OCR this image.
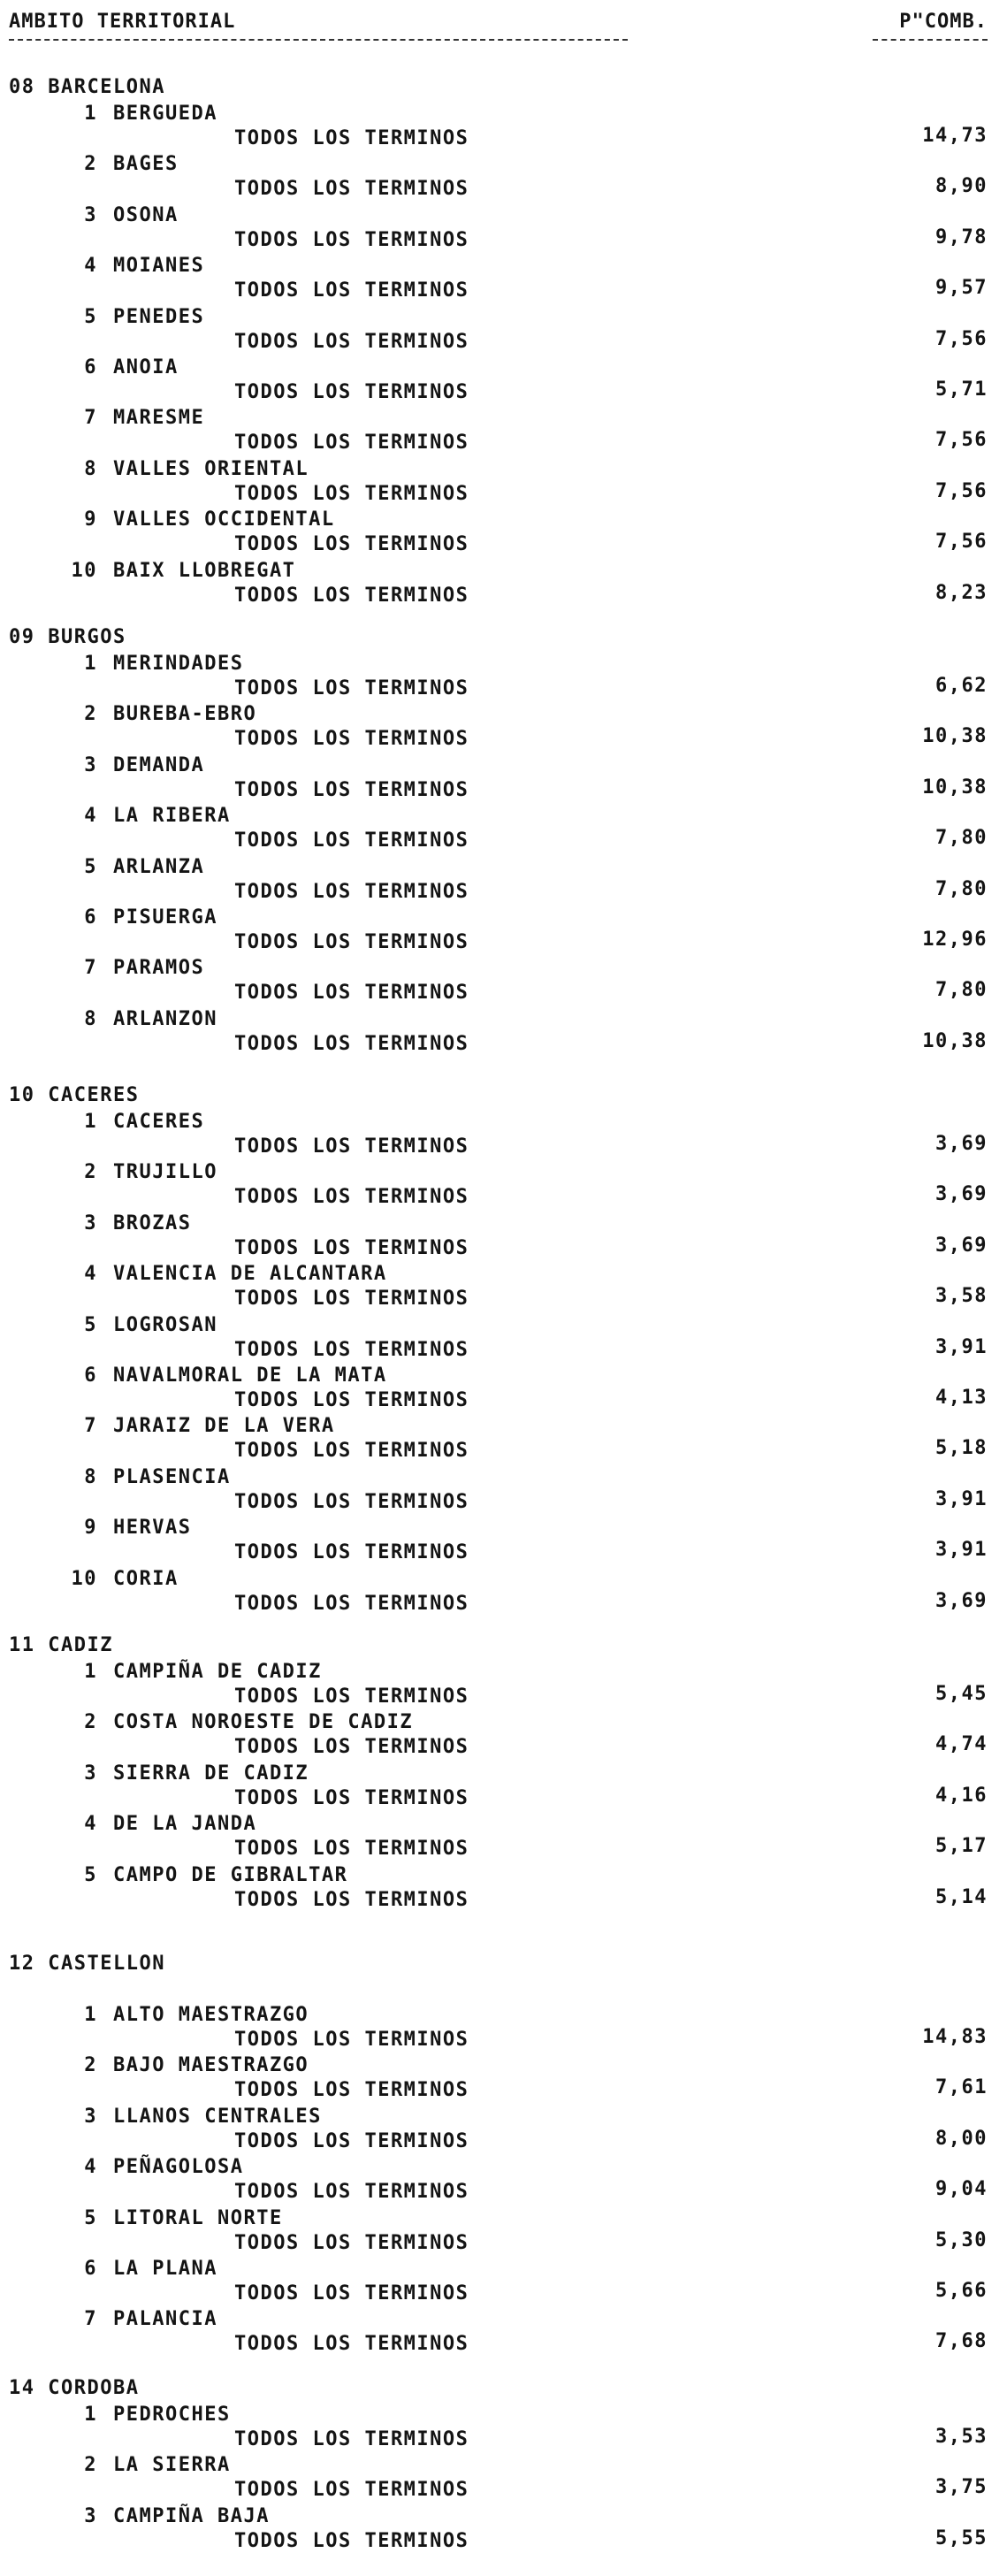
AMBITO TERRITORIAL	P"COMB.
08 BARCELONA
1 BERGUEDA
TODOS LOS TERMINOS	14,73
2 BAGES
TODOS LOS TERMINOS	8,90
3 OSONA
TODOS LOS TERMINOS	9,78
4 MOIANES
TODOS LOS TERMINOS	9,57
5 PENEDES
TODOS LOS TERMINOS	7,56
6 ANOIA
TODOS LOS TERMINOS	5,71
7 MARESME
TODOS LOS TERMINOS	7,56
8 VALLES ORIENTAL
TODOS LOS TERMINOS	7,56
9 VALLES OCCIDENTAL
TODOS LOS TERMINOS	7,56
10 BAIX LLOBREGAT
TODOS LOS TERMINOS	8,23
09 BURGOS
1 MERINDADES
TODOS LOS TERMINOS	6,62
2 BUREBA-EBRO
TODOS LOS TERMINOS	10,38
3 DEMANDA
TODOS LOS TERMINOS	10,38
4 LA RIBERA
TODOS LOS TERMINOS	7,80
5 ARLANZA
TODOS LOS TERMINOS	7,80
6 PISUERGA
TODOS LOS TERMINOS	12,96
7 PARAMOS
TODOS LOS TERMINOS	7,80
8 ARLANZON
TODOS LOS TERMINOS	10,38
10 CACERES
1 CACERES
TODOS LOS TERMINOS	3,69
2 TRUJILLO
TODOS LOS TERMINOS	3,69
3 BROZAS
TODOS LOS TERMINOS	3,69
4 VALENCIA DE ALCANTARA
TODOS LOS TERMINOS	3,58
5 LOGROSAN
TODOS LOS TERMINOS	3,91
6 NAVALMORAL DE LA MATA
TODOS LOS TERMINOS	4,13
7 JARAIZ DE LA VERA
TODOS LOS TERMINOS	5,18
8 PLASENCIA
TODOS LOS TERMINOS	3,91
9 HERVAS
TODOS LOS TERMINOS	3,91
10 CORIA
TODOS LOS TERMINOS	3,69
11 CADIZ
1 CAMPIÑA DE CADIZ
TODOS LOS TERMINOS	5,45
2 COSTA NOROESTE DE CADIZ
TODOS LOS TERMINOS	4,74
3 SIERRA DE CADIZ
TODOS LOS TERMINOS	4,16
4 DE LA JANDA
TODOS LOS TERMINOS	5,17
5 CAMPO DE GIBRALTAR
TODOS LOS TERMINOS	5,14
12 CASTELLON
1 ALTO MAESTRAZGO
TODOS LOS TERMINOS	14,83
2 BAJO MAESTRAZGO
TODOS LOS TERMINOS	7,61
3 LLANOS CENTRALES
TODOS LOS TERMINOS	8,00
4 PEÑAGOLOSA
TODOS LOS TERMINOS	9,04
5 LITORAL NORTE
TODOS LOS TERMINOS	5,30
6 LA PLANA
TODOS LOS TERMINOS	5,66
7 PALANCIA
TODOS LOS TERMINOS	7,68
14 CORDOBA
1 PEDROCHES
TODOS LOS TERMINOS	3,53
2 LA SIERRA
TODOS LOS TERMINOS	3,75
3 CAMPIÑA BAJA
TODOS LOS TERMINOS	5,55
